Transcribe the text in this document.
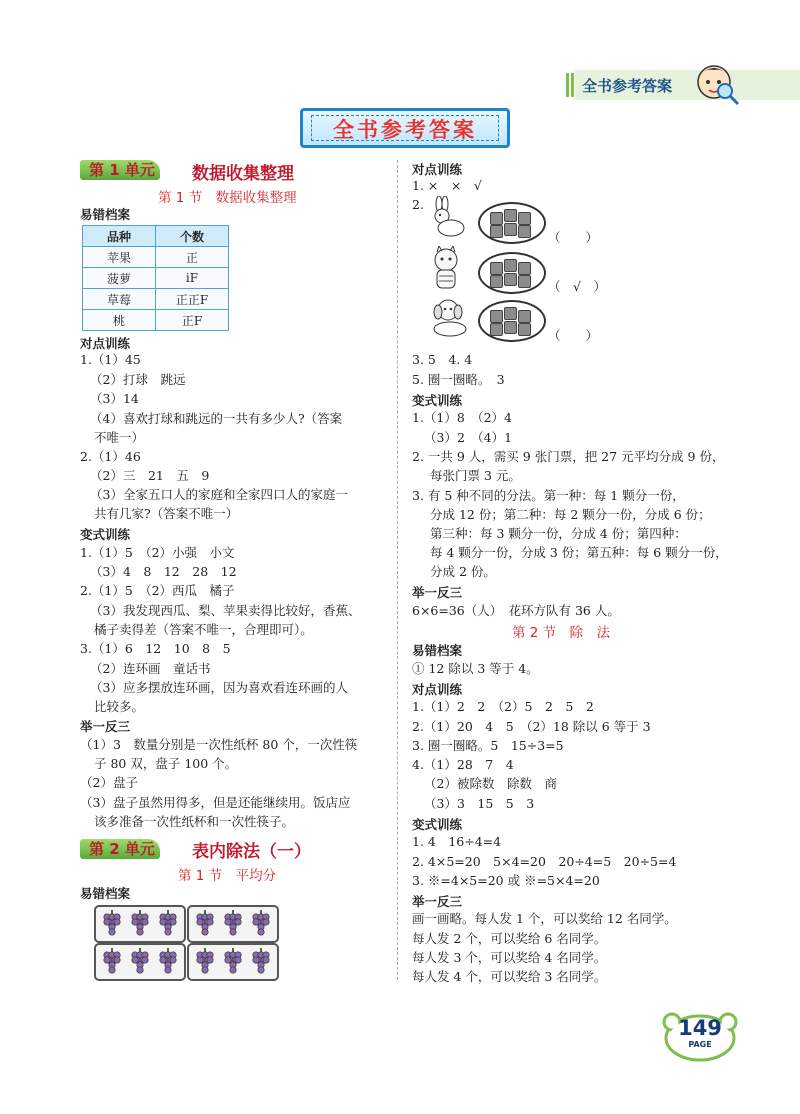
全书参考答案
全书参考答案
第 1 单元	数据收集整理
第 1 节　数据收集整理
易错档案
品种	个数
苹果	正
菠萝	iF
草莓	正正F
桃	正F
对点训练
1.（1）45
（2）打球　跳远
（3）14
（4）喜欢打球和跳远的一共有多少人?（答案
不唯一）
2.（1）46
（2）三　21　五　9
（3）全家五口人的家庭和全家四口人的家庭一
共有几家?（答案不唯一）
变式训练
1.（1）5　（2）小强　小文
（3）4　8　12　28　12
2.（1）5　（2）西瓜　橘子
（3）我发现西瓜、梨、苹果卖得比较好，香蕉、
橘子卖得差（答案不唯一，合理即可）。
3.（1）6　12　10　8　5
（2）连环画　童话书
（3）应多摆放连环画，因为喜欢看连环画的人
比较多。
举一反三
（1）3　数量分别是一次性纸杯 80 个，一次性筷
子 80 双，盘子 100 个。
（2）盘子
（3）盘子虽然用得多，但是还能继续用。饭店应
该多准备一次性纸杯和一次性筷子。
第 2 单元	表内除法（一）
第 1 节　平均分
易错档案
对点训练
1. ×　×　√
2.
（　　）
（　√　）
（　　）
3. 5　4. 4
5. 圈一圈略。　3
变式训练
1.（1）8　（2）4
（3）2　（4）1
2. 一共 9 人，需买 9 张门票，把 27 元平均分成 9 份，
每张门票 3 元。
3. 有 5 种不同的分法。第一种：每 1 颗分一份，
分成 12 份；第二种：每 2 颗分一份，分成 6 份；
第三种：每 3 颗分一份，分成 4 份；第四种：
每 4 颗分一份，分成 3 份；第五种：每 6 颗分一份，
分成 2 份。
举一反三
6×6=36（人）　花环方队有 36 人。
第 2 节　除　法
易错档案
① 12 除以 3 等于 4。
对点训练
1.（1）2　2　（2）5　2　5　2
2.（1）20　4　5　（2）18 除以 6 等于 3
3. 圈一圈略。5　15÷3=5
4.（1）28　7　4
（2）被除数　除数　商
（3）3　15　5　3
变式训练
1. 4　16÷4=4
2. 4×5=20　5×4=20　20÷4=5　20÷5=4
3. ※=4×5=20 或 ※=5×4=20
举一反三
画一画略。每人发 1 个，可以奖给 12 名同学。
每人发 2 个，可以奖给 6 名同学。
每人发 3 个，可以奖给 4 名同学。
每人发 4 个，可以奖给 3 名同学。
149
PAGE
